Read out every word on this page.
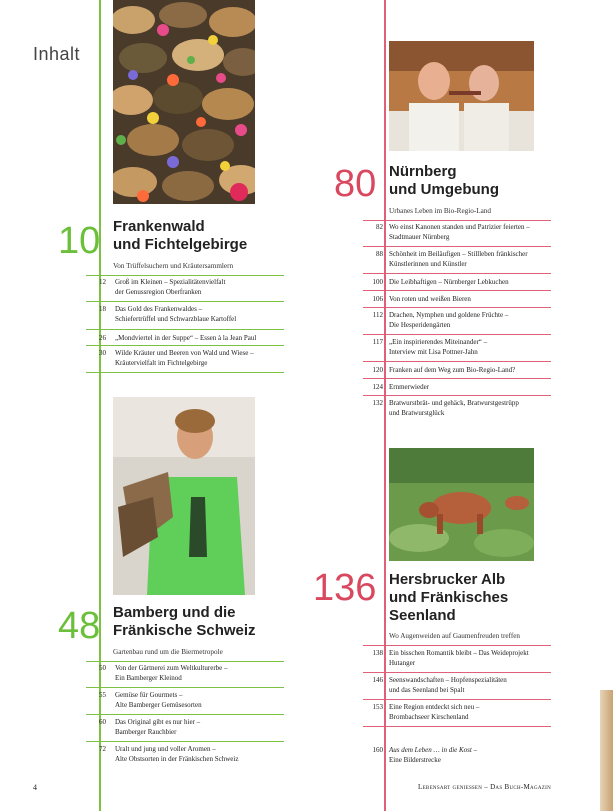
Inhalt
10 Frankenwald
und Fichtelgebirge
Von Trüffelsuchern und Kräutersammlern
12 Groß im Kleinen – Spezialitätenvielfalt
der Genussregion Oberfranken
18 Das Gold des Frankenwaldes –
Schiefertrüffel und Schwarzblaue Kartoffel
26 „Mondviertel in der Suppe“ – Essen à la Jean Paul
30 Wilde Kräuter und Beeren von Wald und Wiese –
Kräutervielfalt im Fichtelgebirge
48 Bamberg und die
Fränkische Schweiz
Gartenbau rund um die Biermetropole
50 Von der Gärtnerei zum Weltkulturerbe –
Ein Bamberger Kleinod
55 Gemüse für Gourmets –
Alte Bamberger Gemüsesorten
60 Das Original gibt es nur hier –
Bamberger Rauchbier
72 Uralt und jung und voller Aromen –
Alte Obstsorten in der Fränkischen Schweiz
80 Nürnberg
und Umgebung
Urbanes Leben im Bio-Regio-Land
82 Wo einst Kanonen standen und Patrizier feierten –
Stadtmauer Nürnberg
88 Schönheit im Beiläufigen – Stillleben fränkischer
Künstlerinnen und Künstler
100 Die Leibhaftigen – Nürnberger Lebkuchen
106 Von roten und weißen Bieren
112 Drachen, Nymphen und goldene Früchte –
Die Hesperidengärten
117 „Ein inspirierendes Miteinander“ –
Interview mit Lisa Pottner-Jahn
120 Franken auf dem Weg zum Bio-Regio-Land?
124 Ernmerwieder
132 Bratwurstbrät- und gehäck, Bratwurstgestrüpp
und Bratwurstglück
136 Hersbrucker Alb
und Fränkisches
Seenland
Wo Augenweiden auf Gaumenfreuden treffen
138 Ein bisschen Romantik bleibt – Das Weideprojekt
Hutanger
146 Seenswandschaften – Hopfenspezialitäten
und das Seenland bei Spalt
153 Eine Region entdeckt sich neu –
Brombachseer Kirschenland
160 Aus dem Leben … in die Kost –
Eine Bilderstrecke
4	Lebensart genießen – Das Buch-Magazin
